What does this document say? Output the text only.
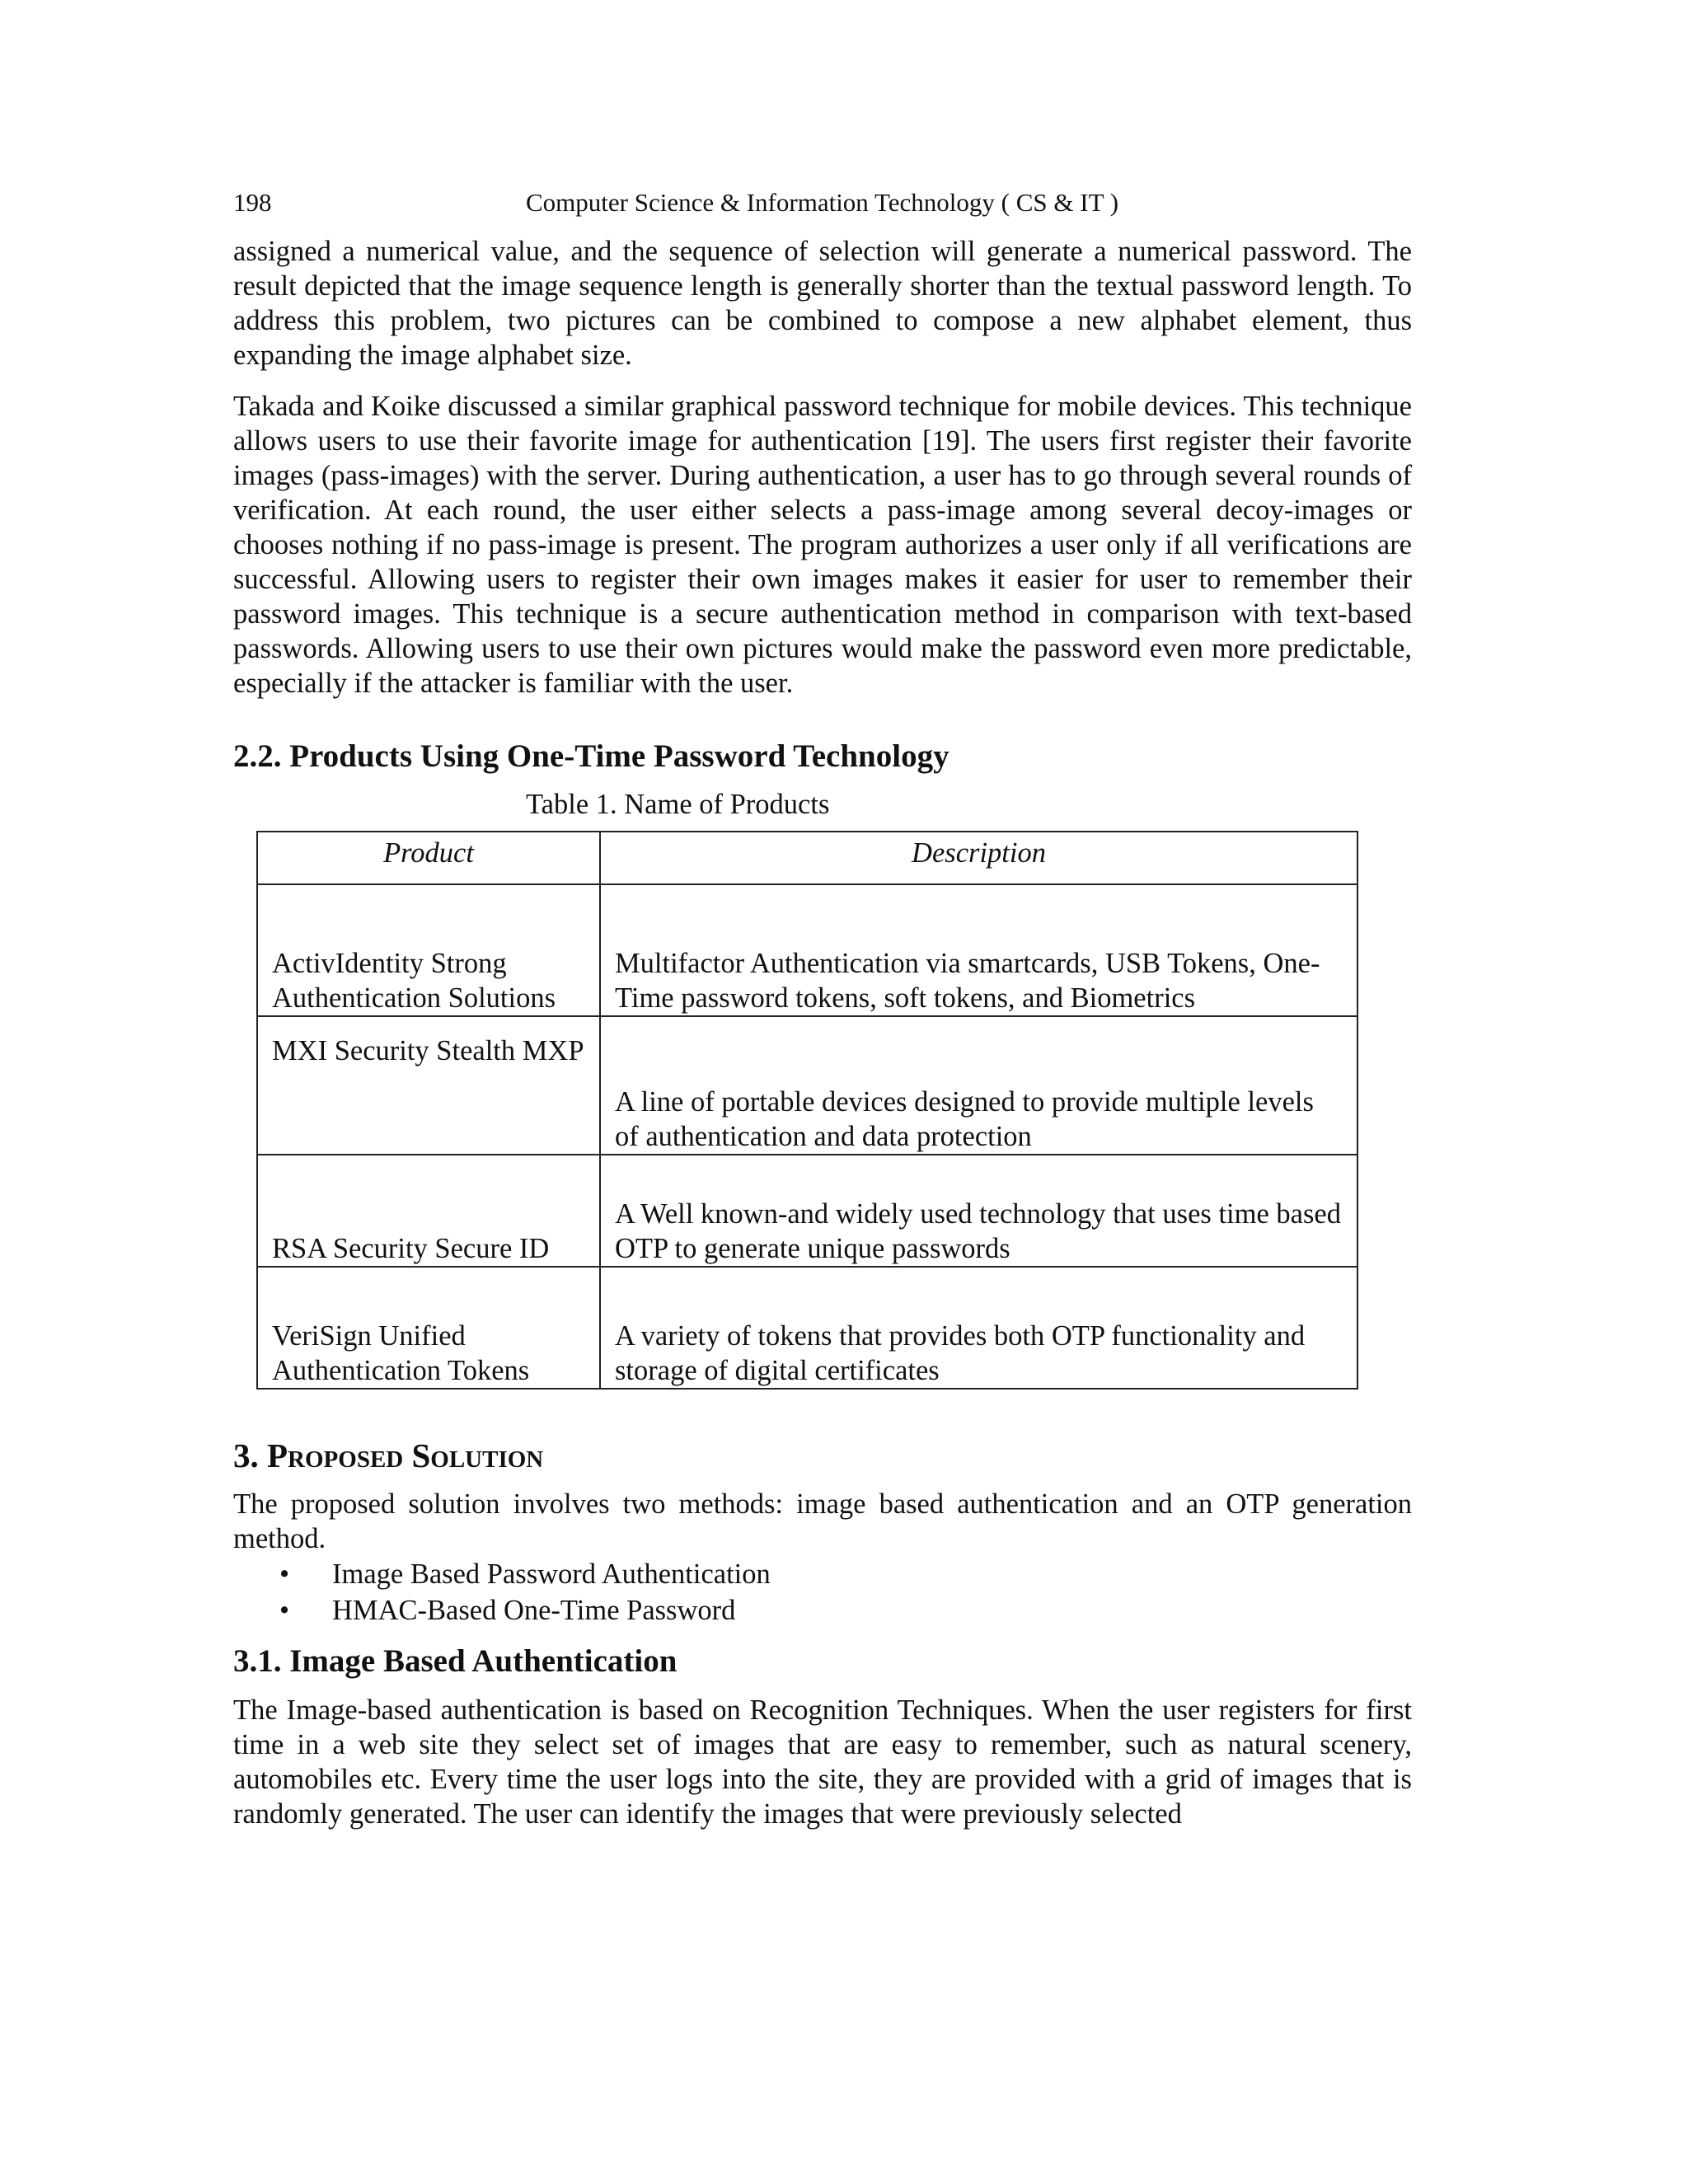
198	Computer Science & Information Technology ( CS & IT )

assigned a numerical value, and the sequence of selection will generate a numerical password. The result depicted that the image sequence length is generally shorter than the textual password length. To address this problem, two pictures can be combined to compose a new alphabet element, thus expanding the image alphabet size.

Takada and Koike discussed a similar graphical password technique for mobile devices. This technique allows users to use their favorite image for authentication [19]. The users first register their favorite images (pass-images) with the server. During authentication, a user has to go through several rounds of verification. At each round, the user either selects a pass-image among several decoy-images or chooses nothing if no pass-image is present. The program authorizes a user only if all verifications are successful. Allowing users to register their own images makes it easier for user to remember their password images. This technique is a secure authentication method in comparison with text-based passwords. Allowing users to use their own pictures would make the password even more predictable, especially if the attacker is familiar with the user.

2.2. Products Using One-Time Password Technology
Table 1. Name of Products
Product	Description
ActivIdentity Strong Authentication Solutions	Multifactor Authentication via smartcards, USB Tokens, One-Time password tokens, soft tokens, and Biometrics
MXI Security Stealth MXP	A line of portable devices designed to provide multiple levels of authentication and data protection
RSA Security Secure ID	A Well known-and widely used technology that uses time based OTP to generate unique passwords
VeriSign Unified Authentication Tokens	A variety of tokens that provides both OTP functionality and storage of digital certificates
3. Proposed Solution

The proposed solution involves two methods: image based authentication and an OTP generation method.

• Image Based Password Authentication
• HMAC-Based One-Time Password
3.1. Image Based Authentication

The Image-based authentication is based on Recognition Techniques. When the user registers for first time in a web site they select set of images that are easy to remember, such as natural scenery, automobiles etc. Every time the user logs into the site, they are provided with a grid of images that is randomly generated. The user can identify the images that were previously selected
